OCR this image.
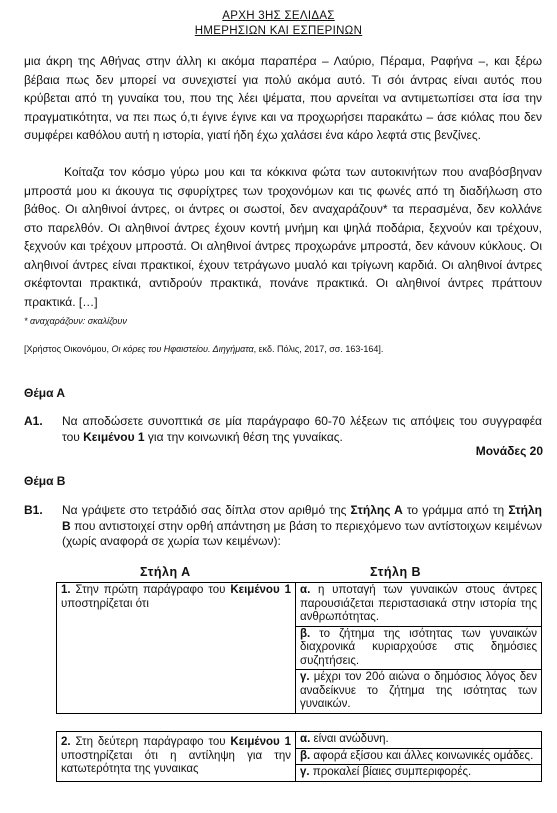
ΑΡΧΗ 3ΗΣ ΣΕΛΙΔΑΣ
ΗΜΕΡΗΣΙΩΝ ΚΑΙ ΕΣΠΕΡΙΝΩΝ
μια άκρη της Αθήνας στην άλλη κι ακόμα παραπέρα – Λαύριο, Πέραμα, Ραφήνα –, και ξέρω βέβαια πως δεν μπορεί να συνεχιστεί για πολύ ακόμα αυτό. Τι σόι άντρας είναι αυτός που κρύβεται από τη γυναίκα του, που της λέει ψέματα, που αρνείται να αντιμετωπίσει στα ίσα την πραγματικότητα, να πει πως ό,τι έγινε έγινε και να προχωρήσει παρακάτω – άσε κιόλας που δεν συμφέρει καθόλου αυτή η ιστορία, γιατί ήδη έχω χαλάσει ένα κάρο λεφτά στις βενζίνες.
Κοίταζα τον κόσμο γύρω μου και τα κόκκινα φώτα των αυτοκινήτων που αναβόσβηναν μπροστά μου κι άκουγα τις σφυρίχτρες των τροχονόμων και τις φωνές από τη διαδήλωση στο βάθος. Οι αληθινοί άντρες, οι άντρες οι σωστοί, δεν αναχαράζουν* τα περασμένα, δεν κολλάνε στο παρελθόν. Οι αληθινοί άντρες έχουν κοντή μνήμη και ψηλά ποδάρια, ξεχνούν και τρέχουν, ξεχνούν και τρέχουν μπροστά. Οι αληθινοί άντρες προχωράνε μπροστά, δεν κάνουν κύκλους. Οι αληθινοί άντρες είναι πρακτικοί, έχουν τετράγωνο μυαλό και τρίγωνη καρδιά. Οι αληθινοί άντρες σκέφτονται πρακτικά, αντιδρούν πρακτικά, πονάνε πρακτικά. Οι αληθινοί άντρες πράττουν πρακτικά. […]
* αναχαράζουν: σκαλίζουν
[Χρήστος Οικονόμου, Οι κόρες του Ηφαιστείου. Διηγήματα, εκδ. Πόλις, 2017, σσ. 163-164].
Θέμα Α
Α1. Να αποδώσετε συνοπτικά σε μία παράγραφο 60-70 λέξεων τις απόψεις του συγγραφέα του Κειμένου 1 για την κοινωνική θέση της γυναίκας.
Μονάδες 20
Θέμα Β
Β1. Να γράψετε στο τετράδιό σας δίπλα στον αριθμό της Στήλης Α το γράμμα από τη Στήλη Β που αντιστοιχεί στην ορθή απάντηση με βάση το περιεχόμενο των αντίστοιχων κειμένων (χωρίς αναφορά σε χωρία των κειμένων):
Στήλη Α	Στήλη Β
1. Στην πρώτη παράγραφο του Κειμένου 1 υποστηρίζεται ότι	α. η υποταγή των γυναικών στους άντρες παρουσιάζεται περιστασιακά στην ιστορία της ανθρωπότητας.
β. το ζήτημα της ισότητας των γυναικών διαχρονικά κυριαρχούσε στις δημόσιες συζητήσεις.
γ. μέχρι τον 20ό αιώνα ο δημόσιος λόγος δεν αναδείκνυε το ζήτημα της ισότητας των γυναικών.
2. Στη δεύτερη παράγραφο του Κειμένου 1 υποστηρίζεται ότι η αντίληψη για την κατωτερότητα της γυναικας	α. είναι ανώδυνη.
β. αφορά εξίσου και άλλες κοινωνικές ομάδες.
γ. προκαλεί βίαιες συμπεριφορές.
